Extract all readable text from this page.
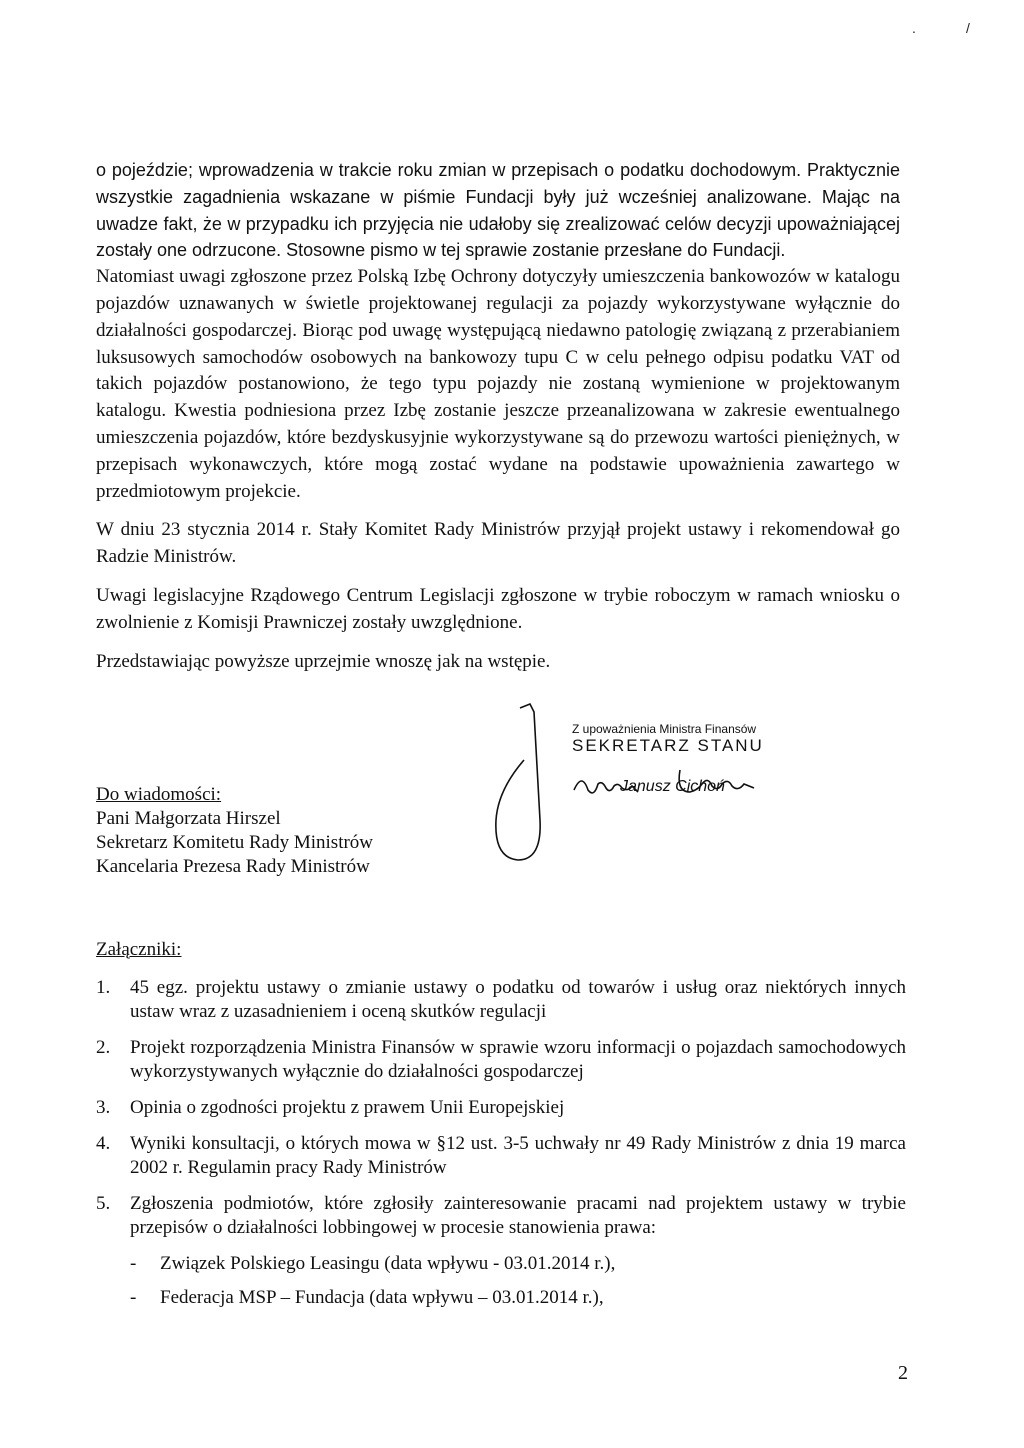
.	/

o pojeździe; wprowadzenia w trakcie roku zmian w przepisach o podatku dochodowym. Praktycznie wszystkie zagadnienia wskazane w piśmie Fundacji były już wcześniej analizowane. Mając na uwadze fakt, że w przypadku ich przyjęcia nie udałoby się zrealizować celów decyzji upoważniającej zostały one odrzucone. Stosowne pismo w tej sprawie zostanie przesłane do Fundacji.

Natomiast uwagi zgłoszone przez Polską Izbę Ochrony dotyczyły umieszczenia bankowozów w katalogu pojazdów uznawanych w świetle projektowanej regulacji za pojazdy wykorzystywane wyłącznie do działalności gospodarczej. Biorąc pod uwagę występującą niedawno patologię związaną z przerabianiem luksusowych samochodów osobowych na bankowozy tupu C w celu pełnego odpisu podatku VAT od takich pojazdów postanowiono, że tego typu pojazdy nie zostaną wymienione w projektowanym katalogu. Kwestia podniesiona przez Izbę zostanie jeszcze przeanalizowana w zakresie ewentualnego umieszczenia pojazdów, które bezdyskusyjnie wykorzystywane są do przewozu wartości pieniężnych, w przepisach wykonawczych, które mogą zostać wydane na podstawie upoważnienia zawartego w przedmiotowym projekcie.

W dniu 23 stycznia 2014 r. Stały Komitet Rady Ministrów przyjął projekt ustawy i rekomendował go Radzie Ministrów.

Uwagi legislacyjne Rządowego Centrum Legislacji zgłoszone w trybie roboczym w ramach wniosku o zwolnienie z Komisji Prawniczej zostały uwzględnione.

Przedstawiając powyższe uprzejmie wnoszę jak na wstępie.

Do wiadomości:
Pani Małgorzata Hirszel
Sekretarz Komitetu Rady Ministrów
Kancelaria Prezesa Rady Ministrów
Z upoważnienia Ministra Finansów
SEKRETARZ STANU
Janusz Cichoń
Załączniki:
1.	45 egz. projektu ustawy o zmianie ustawy o podatku od towarów i usług oraz niektórych innych ustaw wraz z uzasadnieniem i oceną skutków regulacji
2.	Projekt rozporządzenia Ministra Finansów w sprawie wzoru informacji o pojazdach samochodowych wykorzystywanych wyłącznie do działalności gospodarczej
3.	Opinia o zgodności projektu z prawem Unii Europejskiej
4.	Wyniki konsultacji, o których mowa w §12 ust. 3-5 uchwały nr 49 Rady Ministrów z dnia 19 marca 2002 r. Regulamin pracy Rady Ministrów
5.	Zgłoszenia podmiotów, które zgłosiły zainteresowanie pracami nad projektem ustawy w trybie przepisów o działalności lobbingowej w procesie stanowienia prawa:
-	Związek Polskiego Leasingu (data wpływu - 03.01.2014 r.),
-	Federacja MSP – Fundacja (data wpływu – 03.01.2014 r.),
2
